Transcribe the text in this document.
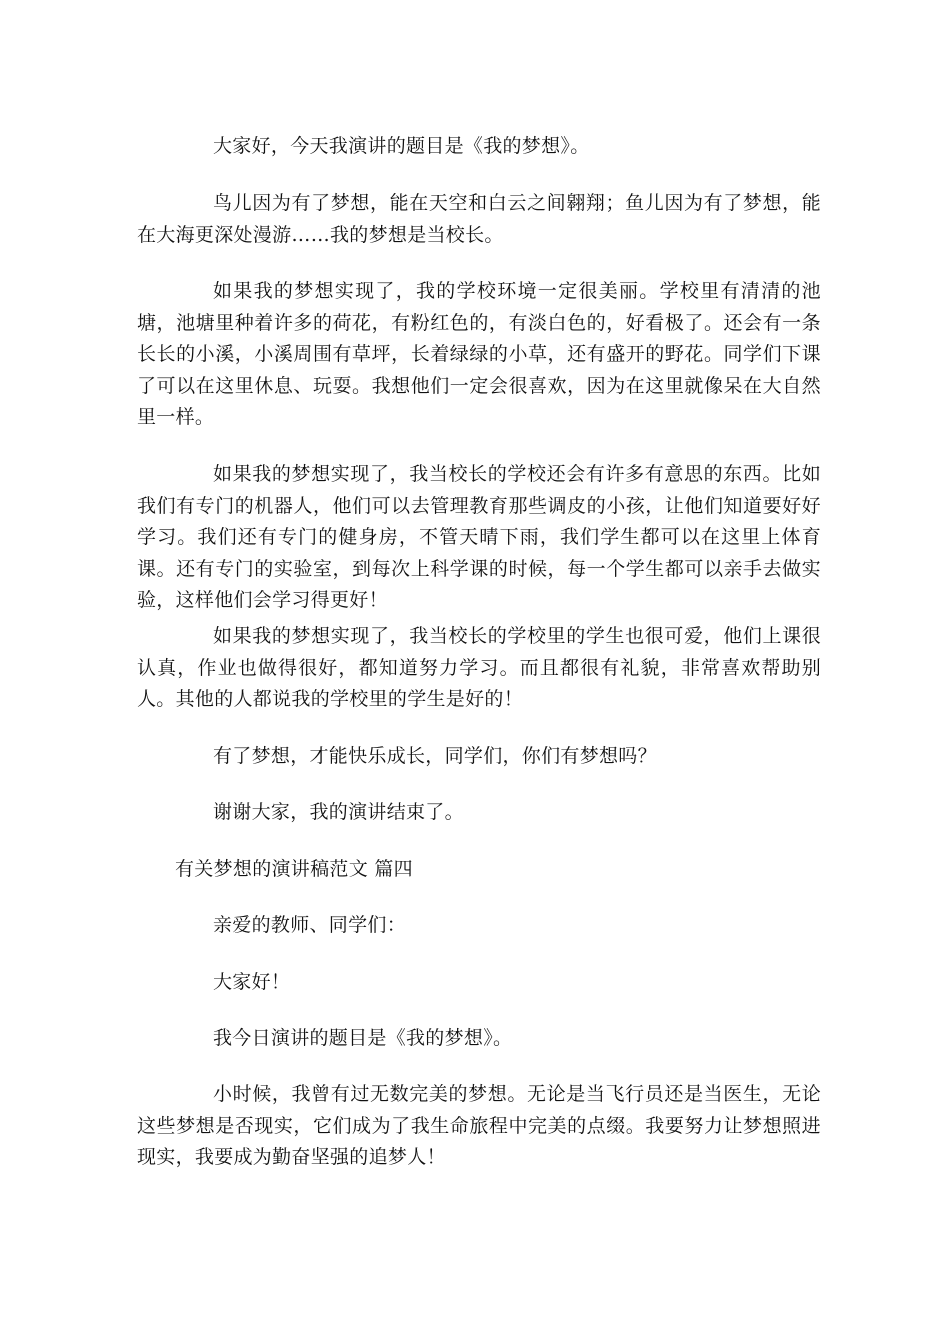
大家好，今天我演讲的题目是《我的梦想》。

鸟儿因为有了梦想，能在天空和白云之间翱翔；鱼儿因为有了梦想，能在大海更深处漫游……我的梦想是当校长。

如果我的梦想实现了，我的学校环境一定很美丽。学校里有清清的池塘，池塘里种着许多的荷花，有粉红色的，有淡白色的，好看极了。还会有一条长长的小溪，小溪周围有草坪，长着绿绿的小草，还有盛开的野花。同学们下课了可以在这里休息、玩耍。我想他们一定会很喜欢，因为在这里就像呆在大自然里一样。

如果我的梦想实现了，我当校长的学校还会有许多有意思的东西。比如我们有专门的机器人，他们可以去管理教育那些调皮的小孩，让他们知道要好好学习。我们还有专门的健身房，不管天晴下雨，我们学生都可以在这里上体育课。还有专门的实验室，到每次上科学课的时候，每一个学生都可以亲手去做实验，这样他们会学习得更好！

如果我的梦想实现了，我当校长的学校里的学生也很可爱，他们上课很认真，作业也做得很好，都知道努力学习。而且都很有礼貌，非常喜欢帮助别人。其他的人都说我的学校里的学生是好的！

有了梦想，才能快乐成长，同学们，你们有梦想吗？

谢谢大家，我的演讲结束了。

有关梦想的演讲稿范文 篇四

亲爱的教师、同学们：

大家好！

我今日演讲的题目是《我的梦想》。

小时候，我曾有过无数完美的梦想。无论是当飞行员还是当医生，无论这些梦想是否现实，它们成为了我生命旅程中完美的点缀。我要努力让梦想照进现实，我要成为勤奋坚强的追梦人！
